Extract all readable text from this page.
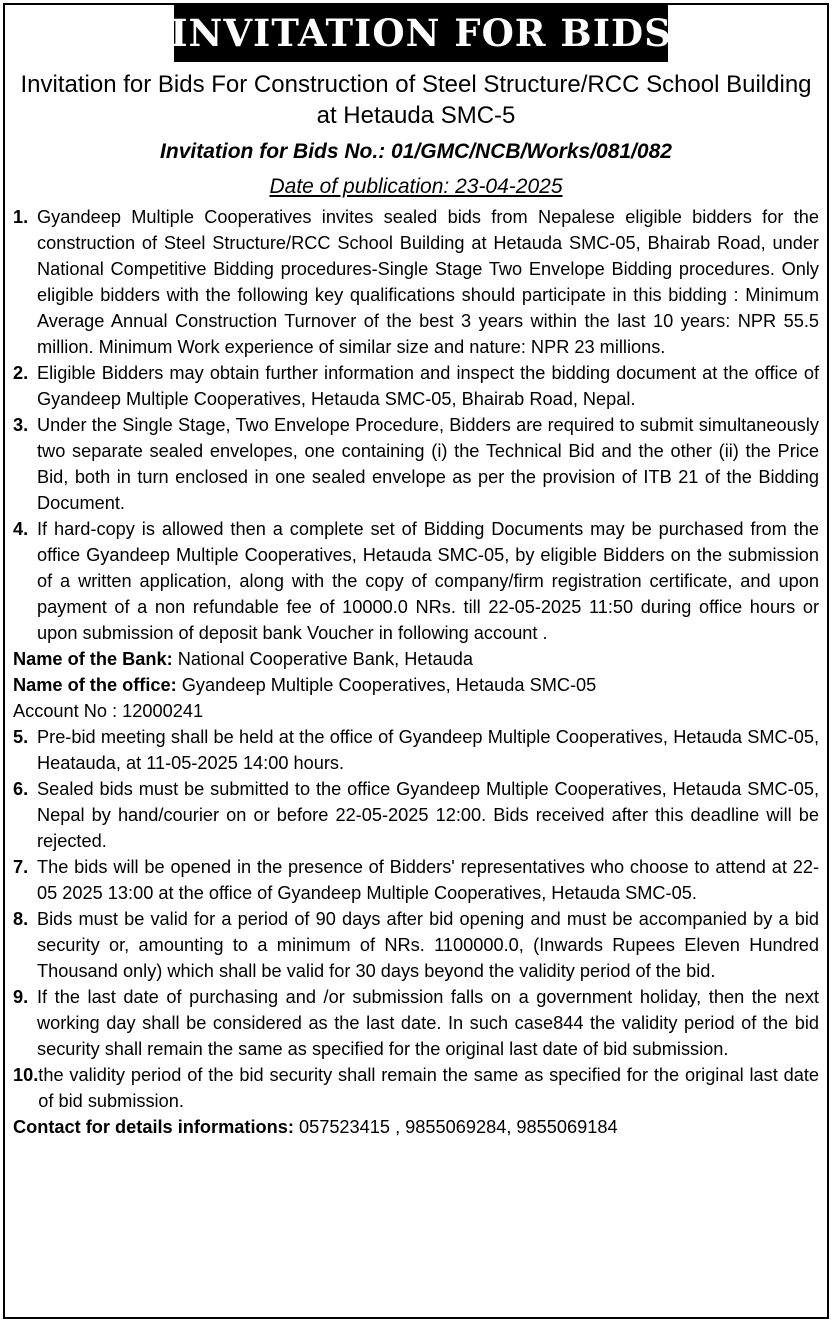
INVITATION FOR BIDS
Invitation for Bids For Construction of Steel Structure/RCC School Building at Hetauda SMC-5
Invitation for Bids No.: 01/GMC/NCB/Works/081/082
Date of publication: 23-04-2025
1. Gyandeep Multiple Cooperatives invites sealed bids from Nepalese eligible bidders for the construction of Steel Structure/RCC School Building at Hetauda SMC-05, Bhairab Road, under National Competitive Bidding procedures-Single Stage Two Envelope Bidding procedures. Only eligible bidders with the following key qualifications should participate in this bidding : Minimum Average Annual Construction Turnover of the best 3 years within the last 10 years: NPR 55.5 million. Minimum Work experience of similar size and nature: NPR 23 millions.
2. Eligible Bidders may obtain further information and inspect the bidding document at the office of Gyandeep Multiple Cooperatives, Hetauda SMC-05, Bhairab Road, Nepal.
3. Under the Single Stage, Two Envelope Procedure, Bidders are required to submit simultaneously two separate sealed envelopes, one containing (i) the Technical Bid and the other (ii) the Price Bid, both in turn enclosed in one sealed envelope as per the provision of ITB 21 of the Bidding Document.
4. If hard-copy is allowed then a complete set of Bidding Documents may be purchased from the office Gyandeep Multiple Cooperatives, Hetauda SMC-05, by eligible Bidders on the submission of a written application, along with the copy of company/firm registration certificate, and upon payment of a non refundable fee of 10000.0 NRs. till 22-05-2025 11:50 during office hours or upon submission of deposit bank Voucher in following account .
Name of the Bank: National Cooperative Bank, Hetauda
Name of the office: Gyandeep Multiple Cooperatives, Hetauda SMC-05
Account No : 12000241
5. Pre-bid meeting shall be held at the office of Gyandeep Multiple Cooperatives, Hetauda SMC-05, Heatauda, at 11-05-2025 14:00 hours.
6. Sealed bids must be submitted to the office Gyandeep Multiple Cooperatives, Hetauda SMC-05, Nepal by hand/courier on or before 22-05-2025 12:00. Bids received after this deadline will be rejected.
7. The bids will be opened in the presence of Bidders' representatives who choose to attend at 22-05 2025 13:00 at the office of Gyandeep Multiple Cooperatives, Hetauda SMC-05.
8. Bids must be valid for a period of 90 days after bid opening and must be accompanied by a bid security or, amounting to a minimum of NRs. 1100000.0, (Inwards Rupees Eleven Hundred Thousand only) which shall be valid for 30 days beyond the validity period of the bid.
9. If the last date of purchasing and /or submission falls on a government holiday, then the next working day shall be considered as the last date. In such case844 the validity period of the bid security shall remain the same as specified for the original last date of bid submission.
10. the validity period of the bid security shall remain the same as specified for the original last date of bid submission.
Contact for details informations: 057523415 , 9855069284, 9855069184
